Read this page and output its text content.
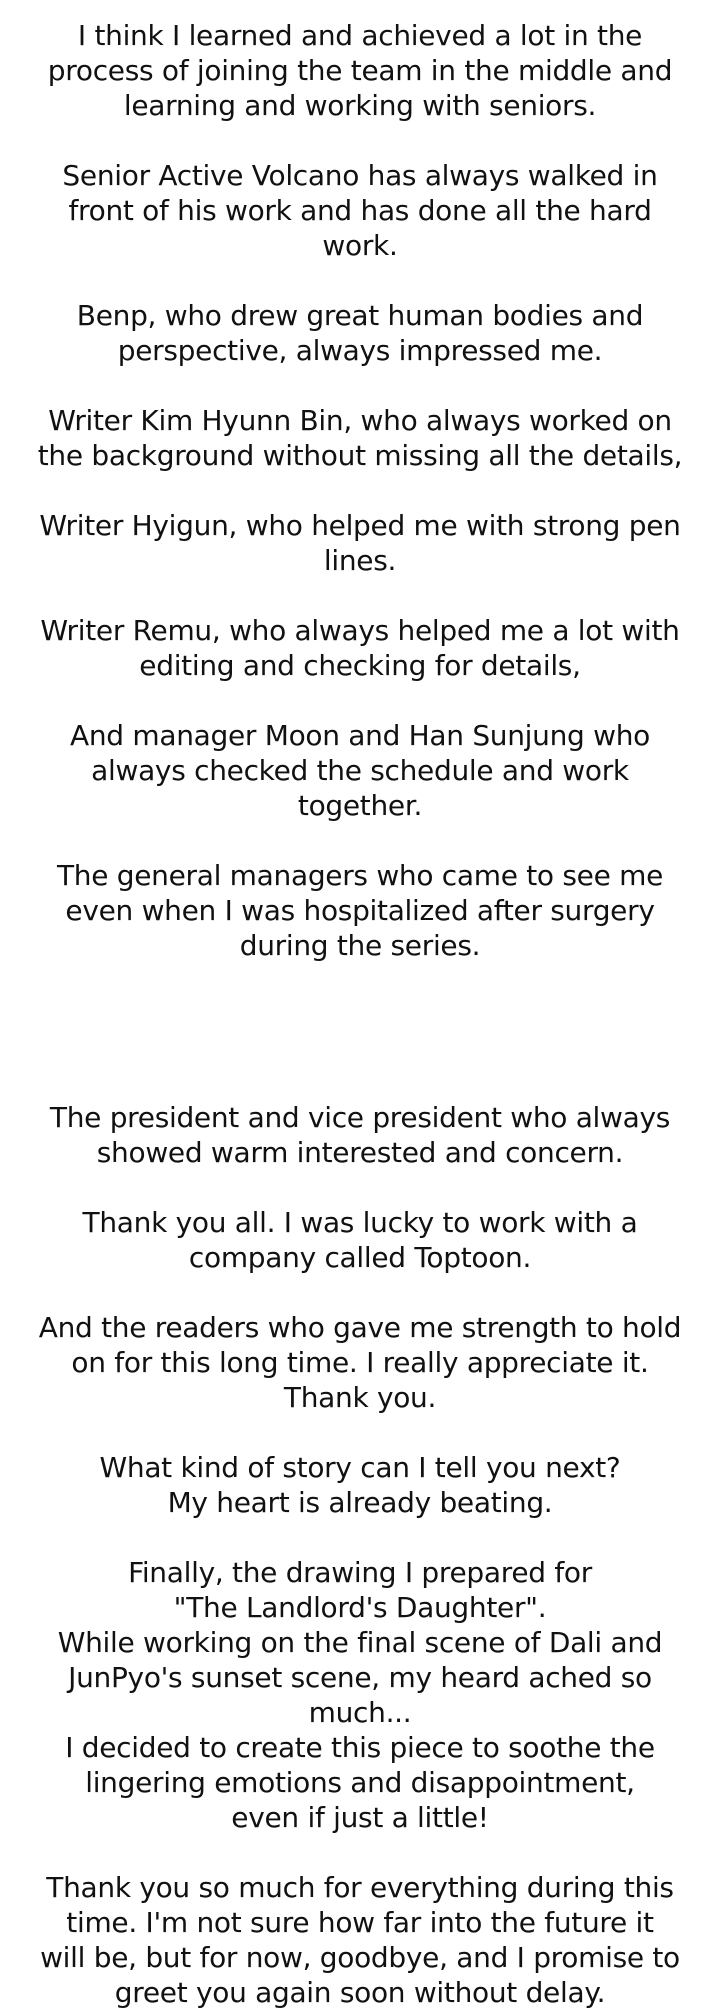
I think I learned and achieved a lot in the
process of joining the team in the middle and
learning and working with seniors.

Senior Active Volcano has always walked in
front of his work and has done all the hard
work.

Benp, who drew great human bodies and
perspective, always impressed me.

Writer Kim Hyunn Bin, who always worked on
the background without missing all the details,

Writer Hyigun, who helped me with strong pen
lines.

Writer Remu, who always helped me a lot with
editing and checking for details,

And manager Moon and Han Sunjung who
always checked the schedule and work
together.

The general managers who came to see me
even when I was hospitalized after surgery
during the series.

The president and vice president who always
showed warm interested and concern.

Thank you all. I was lucky to work with a
company called Toptoon.

And the readers who gave me strength to hold
on for this long time. I really appreciate it.
Thank you.

What kind of story can I tell you next?
My heart is already beating.

Finally, the drawing I prepared for
"The Landlord's Daughter".
While working on the final scene of Dali and
JunPyo's sunset scene, my heard ached so
much...
I decided to create this piece to soothe the
lingering emotions and disappointment,
even if just a little!

Thank you so much for everything during this
time. I'm not sure how far into the future it
will be, but for now, goodbye, and I promise to
greet you again soon without delay.
